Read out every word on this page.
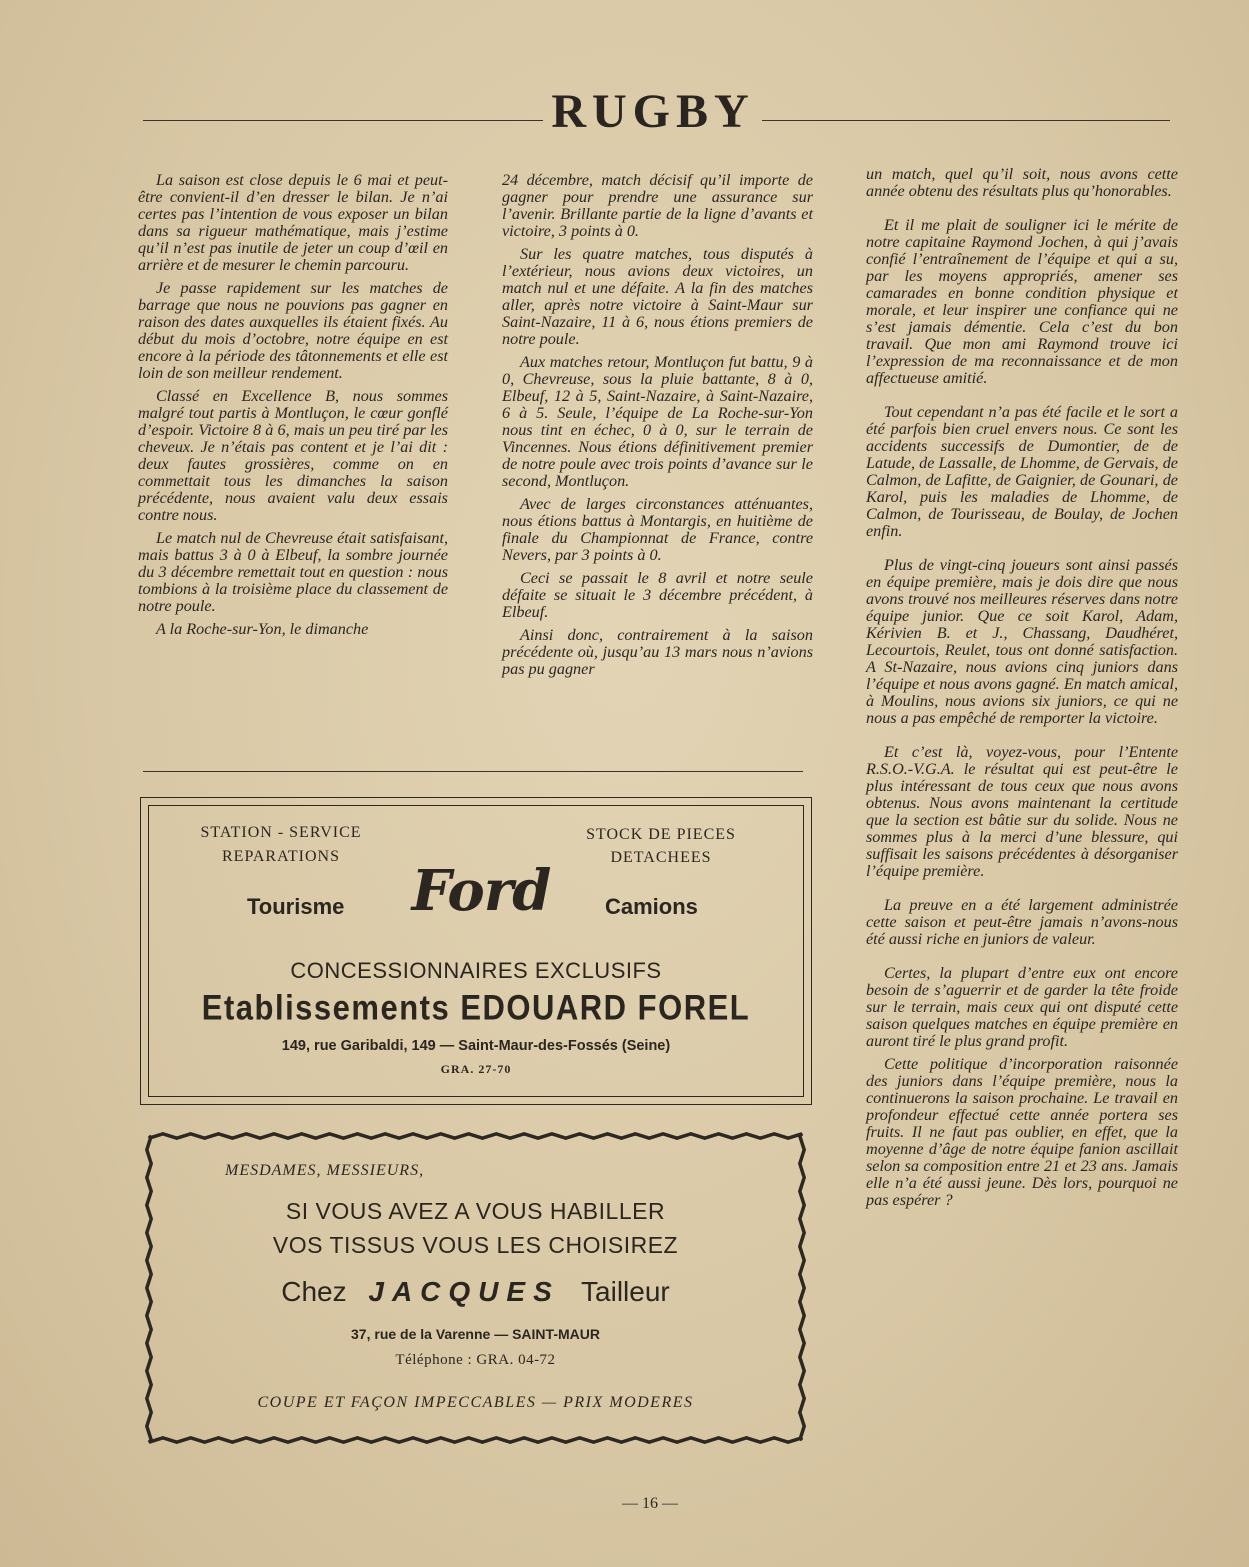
RUGBY

La saison est close depuis le 6 mai et peut-être convient-il d’en dresser le bilan. Je n’ai certes pas l’intention de vous exposer un bilan dans sa rigueur mathématique, mais j’estime qu’il n’est pas inutile de jeter un coup d’œil en arrière et de mesurer le chemin parcouru.

Je passe rapidement sur les matches de barrage que nous ne pouvions pas gagner en raison des dates auxquelles ils étaient fixés. Au début du mois d’octobre, notre équipe en est encore à la période des tâtonnements et elle est loin de son meilleur rendement.

Classé en Excellence B, nous sommes malgré tout partis à Montluçon, le cœur gonflé d’espoir. Victoire 8 à 6, mais un peu tiré par les cheveux. Je n’étais pas content et je l’ai dit : deux fautes grossières, comme on en commettait tous les dimanches la saison précédente, nous avaient valu deux essais contre nous.

Le match nul de Chevreuse était satisfaisant, mais battus 3 à 0 à Elbeuf, la sombre journée du 3 décembre remettait tout en question : nous tombions à la troisième place du classement de notre poule.

A la Roche-sur-Yon, le dimanche

24 décembre, match décisif qu’il importe de gagner pour prendre une assurance sur l’avenir. Brillante partie de la ligne d’avants et victoire, 3 points à 0.

Sur les quatre matches, tous disputés à l’extérieur, nous avions deux victoires, un match nul et une défaite. A la fin des matches aller, après notre victoire à Saint-Maur sur Saint-Nazaire, 11 à 6, nous étions premiers de notre poule.

Aux matches retour, Montluçon fut battu, 9 à 0, Chevreuse, sous la pluie battante, 8 à 0, Elbeuf, 12 à 5, Saint-Nazaire, à Saint-Nazaire, 6 à 5. Seule, l’équipe de La Roche-sur-Yon nous tint en échec, 0 à 0, sur le terrain de Vincennes. Nous étions définitivement premier de notre poule avec trois points d’avance sur le second, Montluçon.

Avec de larges circonstances atténuantes, nous étions battus à Montargis, en huitième de finale du Championnat de France, contre Nevers, par 3 points à 0.

Ceci se passait le 8 avril et notre seule défaite se situait le 3 décembre précédent, à Elbeuf.

Ainsi donc, contrairement à la saison précédente où, jusqu’au 13 mars nous n’avions pas pu gagner

un match, quel qu’il soit, nous avons cette année obtenu des résultats plus qu’honorables.

Et il me plait de souligner ici le mérite de notre capitaine Raymond Jochen, à qui j’avais confié l’entraînement de l’équipe et qui a su, par les moyens appropriés, amener ses camarades en bonne condition physique et morale, et leur inspirer une confiance qui ne s’est jamais démentie. Cela c’est du bon travail. Que mon ami Raymond trouve ici l’expression de ma reconnaissance et de mon affectueuse amitié.

Tout cependant n’a pas été facile et le sort a été parfois bien cruel envers nous. Ce sont les accidents successifs de Dumontier, de de Latude, de Lassalle, de Lhomme, de Gervais, de Calmon, de Lafitte, de Gaignier, de Gounari, de Karol, puis les maladies de Lhomme, de Calmon, de Tourisseau, de Boulay, de Jochen enfin.

Plus de vingt-cinq joueurs sont ainsi passés en équipe première, mais je dois dire que nous avons trouvé nos meilleures réserves dans notre équipe junior. Que ce soit Karol, Adam, Kérivien B. et J., Chassang, Daudhéret, Lecourtois, Reulet, tous ont donné satisfaction. A St-Nazaire, nous avions cinq juniors dans l’équipe et nous avons gagné. En match amical, à Moulins, nous avions six juniors, ce qui ne nous a pas empêché de remporter la victoire.

Et c’est là, voyez-vous, pour l’Entente R.S.O.-V.G.A. le résultat qui est peut-être le plus intéressant de tous ceux que nous avons obtenus. Nous avons maintenant la certitude que la section est bâtie sur du solide. Nous ne sommes plus à la merci d’une blessure, qui suffisait les saisons précédentes à désorganiser l’équipe première.

La preuve en a été largement administrée cette saison et peut-être jamais n’avons-nous été aussi riche en juniors de valeur.

Certes, la plupart d’entre eux ont encore besoin de s’aguerrir et de garder la tête froide sur le terrain, mais ceux qui ont disputé cette saison quelques matches en équipe première en auront tiré le plus grand profit.

Cette politique d’incorporation raisonnée des juniors dans l’équipe première, nous la continuerons la saison prochaine. Le travail en profondeur effectué cette année portera ses fruits. Il ne faut pas oublier, en effet, que la moyenne d’âge de notre équipe fanion ascillait selon sa composition entre 21 et 23 ans. Jamais elle n’a été aussi jeune. Dès lors, pourquoi ne pas espérer ?

STATION - SERVICE
REPARATIONS
STOCK DE PIECES
DETACHEES
Tourisme Ford	Camions
CONCESSIONNAIRES EXCLUSIFS
Etablissements EDOUARD FOREL
149, rue Garibaldi, 149 — Saint-Maur-des-Fossés (Seine)
GRA. 27-70
MESDAMES, MESSIEURS,
SI VOUS AVEZ A VOUS HABILLER
VOS TISSUS VOUS LES CHOISIREZ
Chez JACQUES Tailleur
37, rue de la Varenne — SAINT-MAUR
Téléphone : GRA. 04-72
COUPE ET FAÇON IMPECCABLES — PRIX MODERES
— 16 —
